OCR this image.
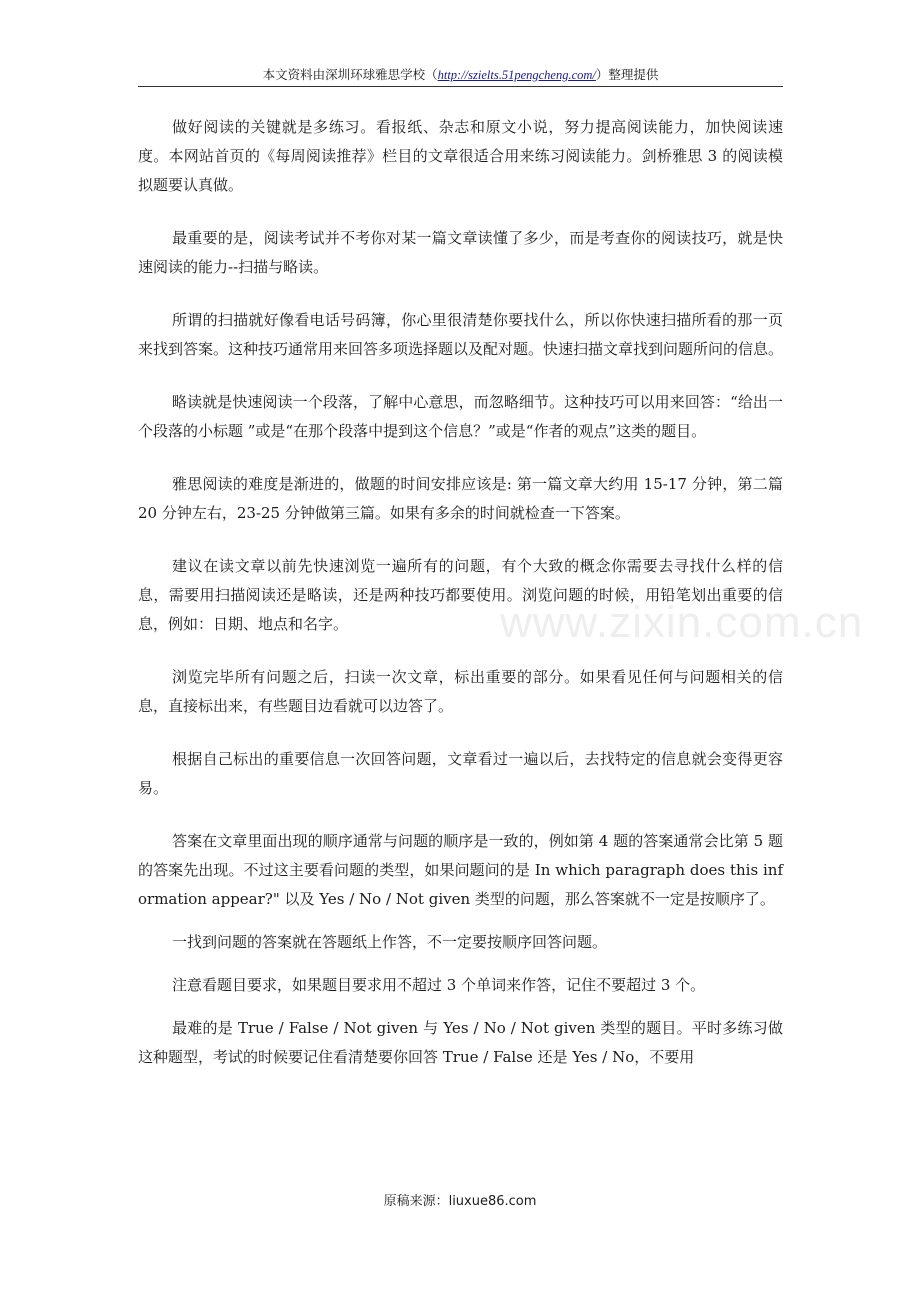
本文资料由深圳环球雅思学校（http://szielts.51pengcheng.com/）整理提供
www.zixin.com.cn

做好阅读的关键就是多练习。看报纸、杂志和原文小说，努力提高阅读能力，加快阅读速度。本网站首页的《每周阅读推荐》栏目的文章很适合用来练习阅读能力。剑桥雅思 3 的阅读模拟题要认真做。

最重要的是，阅读考试并不考你对某一篇文章读懂了多少，而是考查你的阅读技巧，就是快速阅读的能力--扫描与略读。

所谓的扫描就好像看电话号码簿，你心里很清楚你要找什么，所以你快速扫描所看的那一页来找到答案。这种技巧通常用来回答多项选择题以及配对题。快速扫描文章找到问题所问的信息。

略读就是快速阅读一个段落，了解中心意思，而忽略细节。这种技巧可以用来回答：“给出一个段落的小标题 ”或是“在那个段落中提到这个信息？”或是“作者的观点”这类的题目。

雅思阅读的难度是渐进的，做题的时间安排应该是: 第一篇文章大约用 15-17 分钟，第二篇 20 分钟左右，23-25 分钟做第三篇。如果有多余的时间就检查一下答案。

建议在读文章以前先快速浏览一遍所有的问题，有个大致的概念你需要去寻找什么样的信息，需要用扫描阅读还是略读，还是两种技巧都要使用。浏览问题的时候，用铅笔划出重要的信息，例如：日期、地点和名字。

浏览完毕所有问题之后，扫读一次文章，标出重要的部分。如果看见任何与问题相关的信息，直接标出来，有些题目边看就可以边答了。

根据自己标出的重要信息一次回答问题，文章看过一遍以后，去找特定的信息就会变得更容易。

答案在文章里面出现的顺序通常与问题的顺序是一致的，例如第 4 题的答案通常会比第 5 题的答案先出现。不过这主要看问题的类型，如果问题问的是 In which paragraph does this information appear?" 以及 Yes / No / Not given 类型的问题，那么答案就不一定是按顺序了。

一找到问题的答案就在答题纸上作答，不一定要按顺序回答问题。

注意看题目要求，如果题目要求用不超过 3 个单词来作答，记住不要超过 3 个。

最难的是 True / False / Not given 与 Yes / No / Not given 类型的题目。平时多练习做这种题型，考试的时候要记住看清楚要你回答 True / False 还是 Yes / No，不要用

原稿来源：liuxue86.com
